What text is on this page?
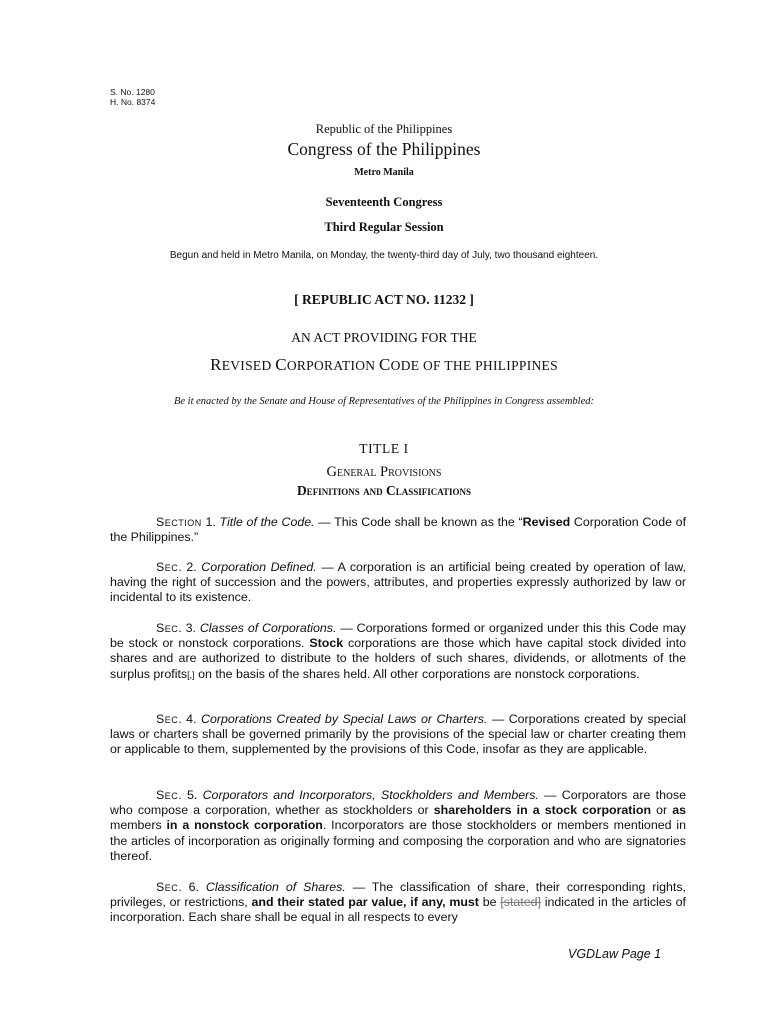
S. No. 1280
H. No. 8374
Republic of the Philippines
Congress of the Philippines
Metro Manila
Seventeenth Congress
Third Regular Session
Begun and held in Metro Manila, on Monday, the twenty-third day of July, two thousand eighteen.
[ REPUBLIC ACT NO. 11232 ]
AN ACT PROVIDING FOR THE
REVISED CORPORATION CODE OF THE PHILIPPINES
Be it enacted by the Senate and House of Representatives of the Philippines in Congress assembled:
TITLE I
General Provisions
Definitions and Classifications
Section 1. Title of the Code. — This Code shall be known as the “Revised Corporation Code of the Philippines.”
Sec. 2. Corporation Defined. — A corporation is an artificial being created by operation of law, having the right of succession and the powers, attributes, and properties expressly authorized by law or incidental to its existence.
Sec. 3. Classes of Corporations. — Corporations formed or organized under this this Code may be stock or nonstock corporations. Stock corporations are those which have capital stock divided into shares and are authorized to distribute to the holders of such shares, dividends, or allotments of the surplus profits[,] on the basis of the shares held. All other corporations are nonstock corporations.
Sec. 4. Corporations Created by Special Laws or Charters. — Corporations created by special laws or charters shall be governed primarily by the provisions of the special law or charter creating them or applicable to them, supplemented by the provisions of this Code, insofar as they are applicable.
Sec. 5. Corporators and Incorporators, Stockholders and Members. — Corporators are those who compose a corporation, whether as stockholders or shareholders in a stock corporation or as members in a nonstock corporation. Incorporators are those stockholders or members mentioned in the articles of incorporation as originally forming and composing the corporation and who are signatories thereof.
Sec. 6. Classification of Shares. — The classification of share, their corresponding rights, privileges, or restrictions, and their stated par value, if any, must be [stated] indicated in the articles of incorporation. Each share shall be equal in all respects to every
VGDLaw Page 1
